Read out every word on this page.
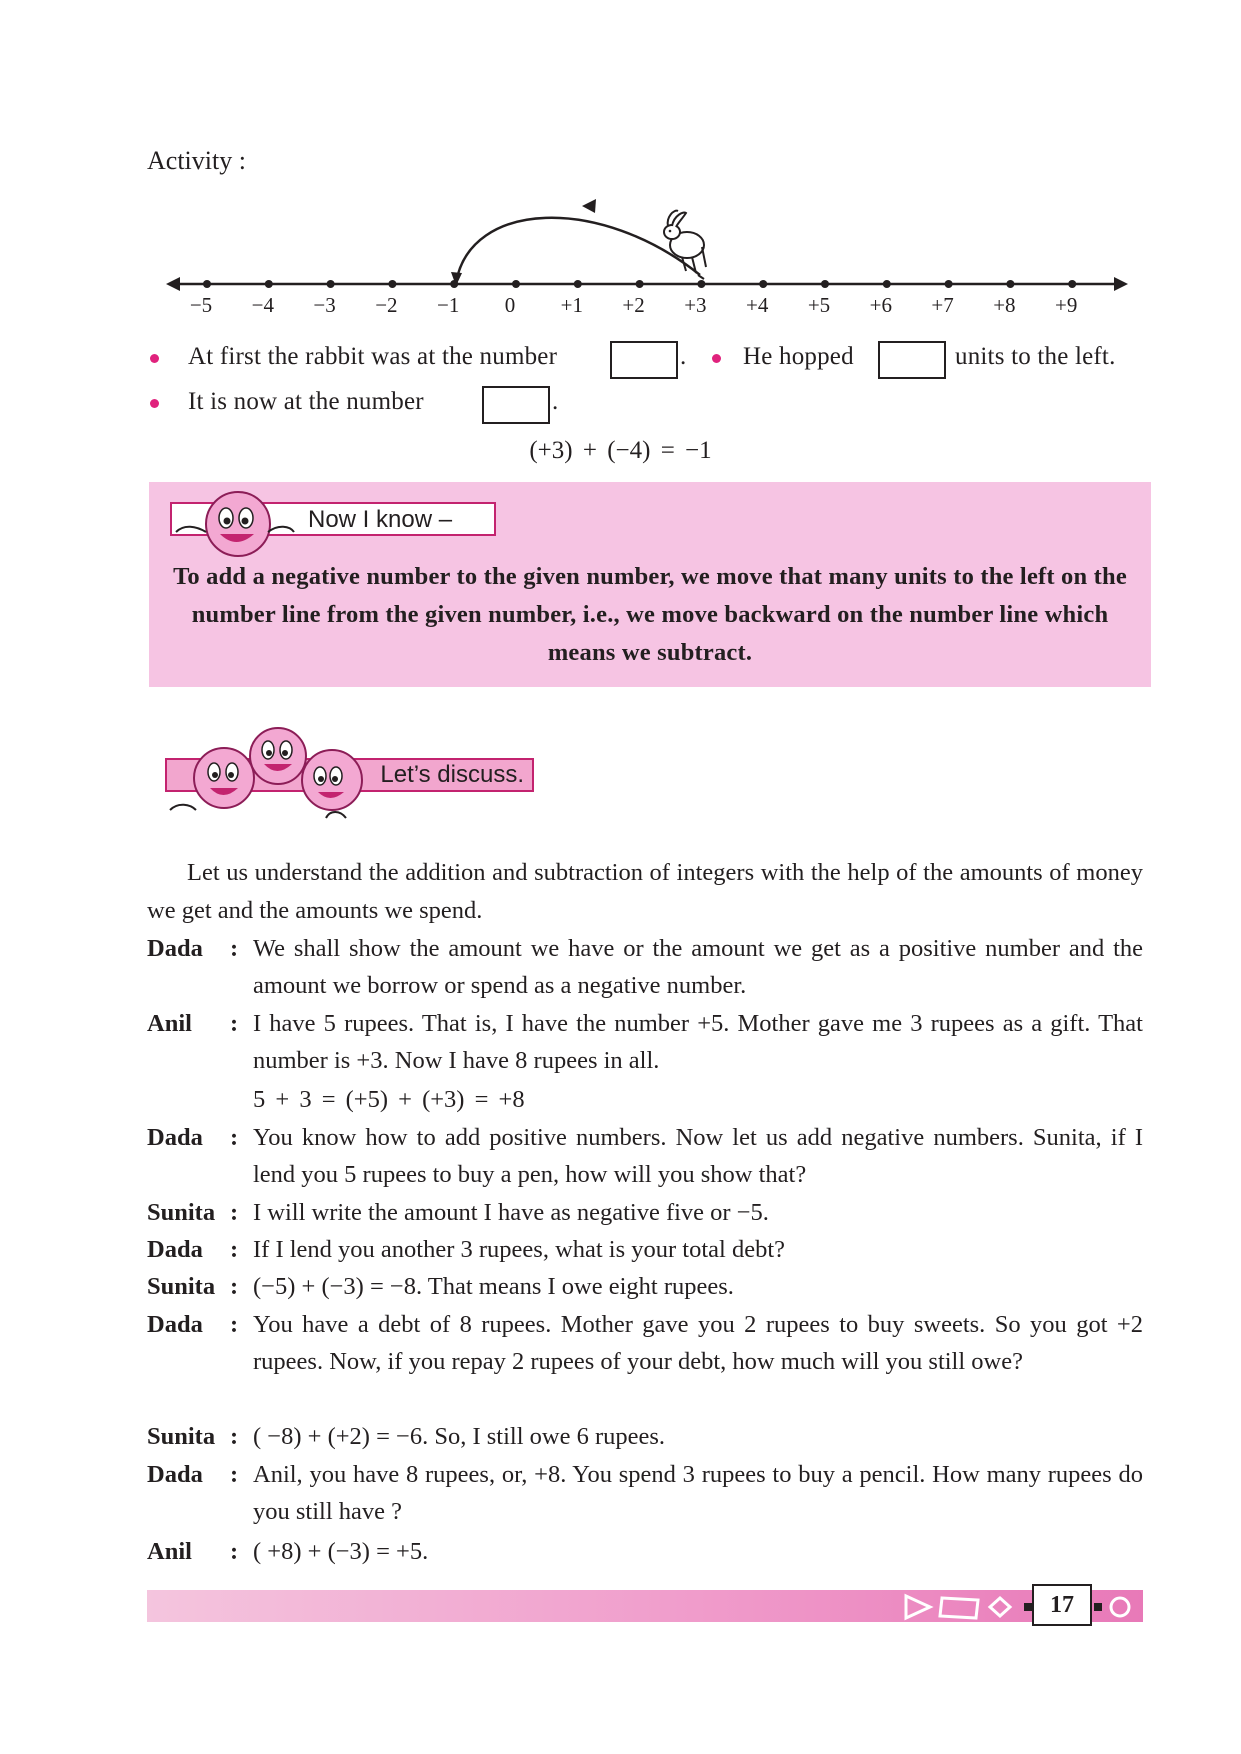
Activity :
−5 −4 −3 −2 −1 0 +1 +2 +3 +4 +5 +6 +7 +8 +9
At first the rabbit was at the number	. He hopped	units to the left.
It is now at the number	.
(+3) + (−4) = −1
Now I know –
To add a negative number to the given number, we move that many units to the left on the number line from the given number, i.e., we move backward on the number line which means we subtract.
Let’s discuss.
Let us understand the addition and subtraction of integers with the help of the amounts of money we get and the amounts we spend.
Dada : We shall show the amount we have or the amount we get as a positive number and the amount we borrow or spend as a negative number.
Anil : I have 5 rupees. That is, I have the number +5. Mother gave me 3 rupees as a gift. That number is +3. Now I have 8 rupees in all.
5 + 3 = (+5) + (+3) = +8
Dada : You know how to add positive numbers. Now let us add negative numbers. Sunita, if I lend you 5 rupees to buy a pen, how will you show that?
Sunita : I will write the amount I have as negative five or −5.
Dada : If I lend you another 3 rupees, what is your total debt?
Sunita : (−5) + (−3) = −8. That means I owe eight rupees.
Dada : You have a debt of 8 rupees. Mother gave you 2 rupees to buy sweets. So you got +2 rupees. Now, if you repay 2 rupees of your debt, how much will you still owe?
Sunita : ( −8) + (+2) = −6. So, I still owe 6 rupees.
Dada : Anil, you have 8 rupees, or, +8. You spend 3 rupees to buy a pencil. How many rupees do you still have ?
Anil : ( +8) + (−3) = +5.
17
